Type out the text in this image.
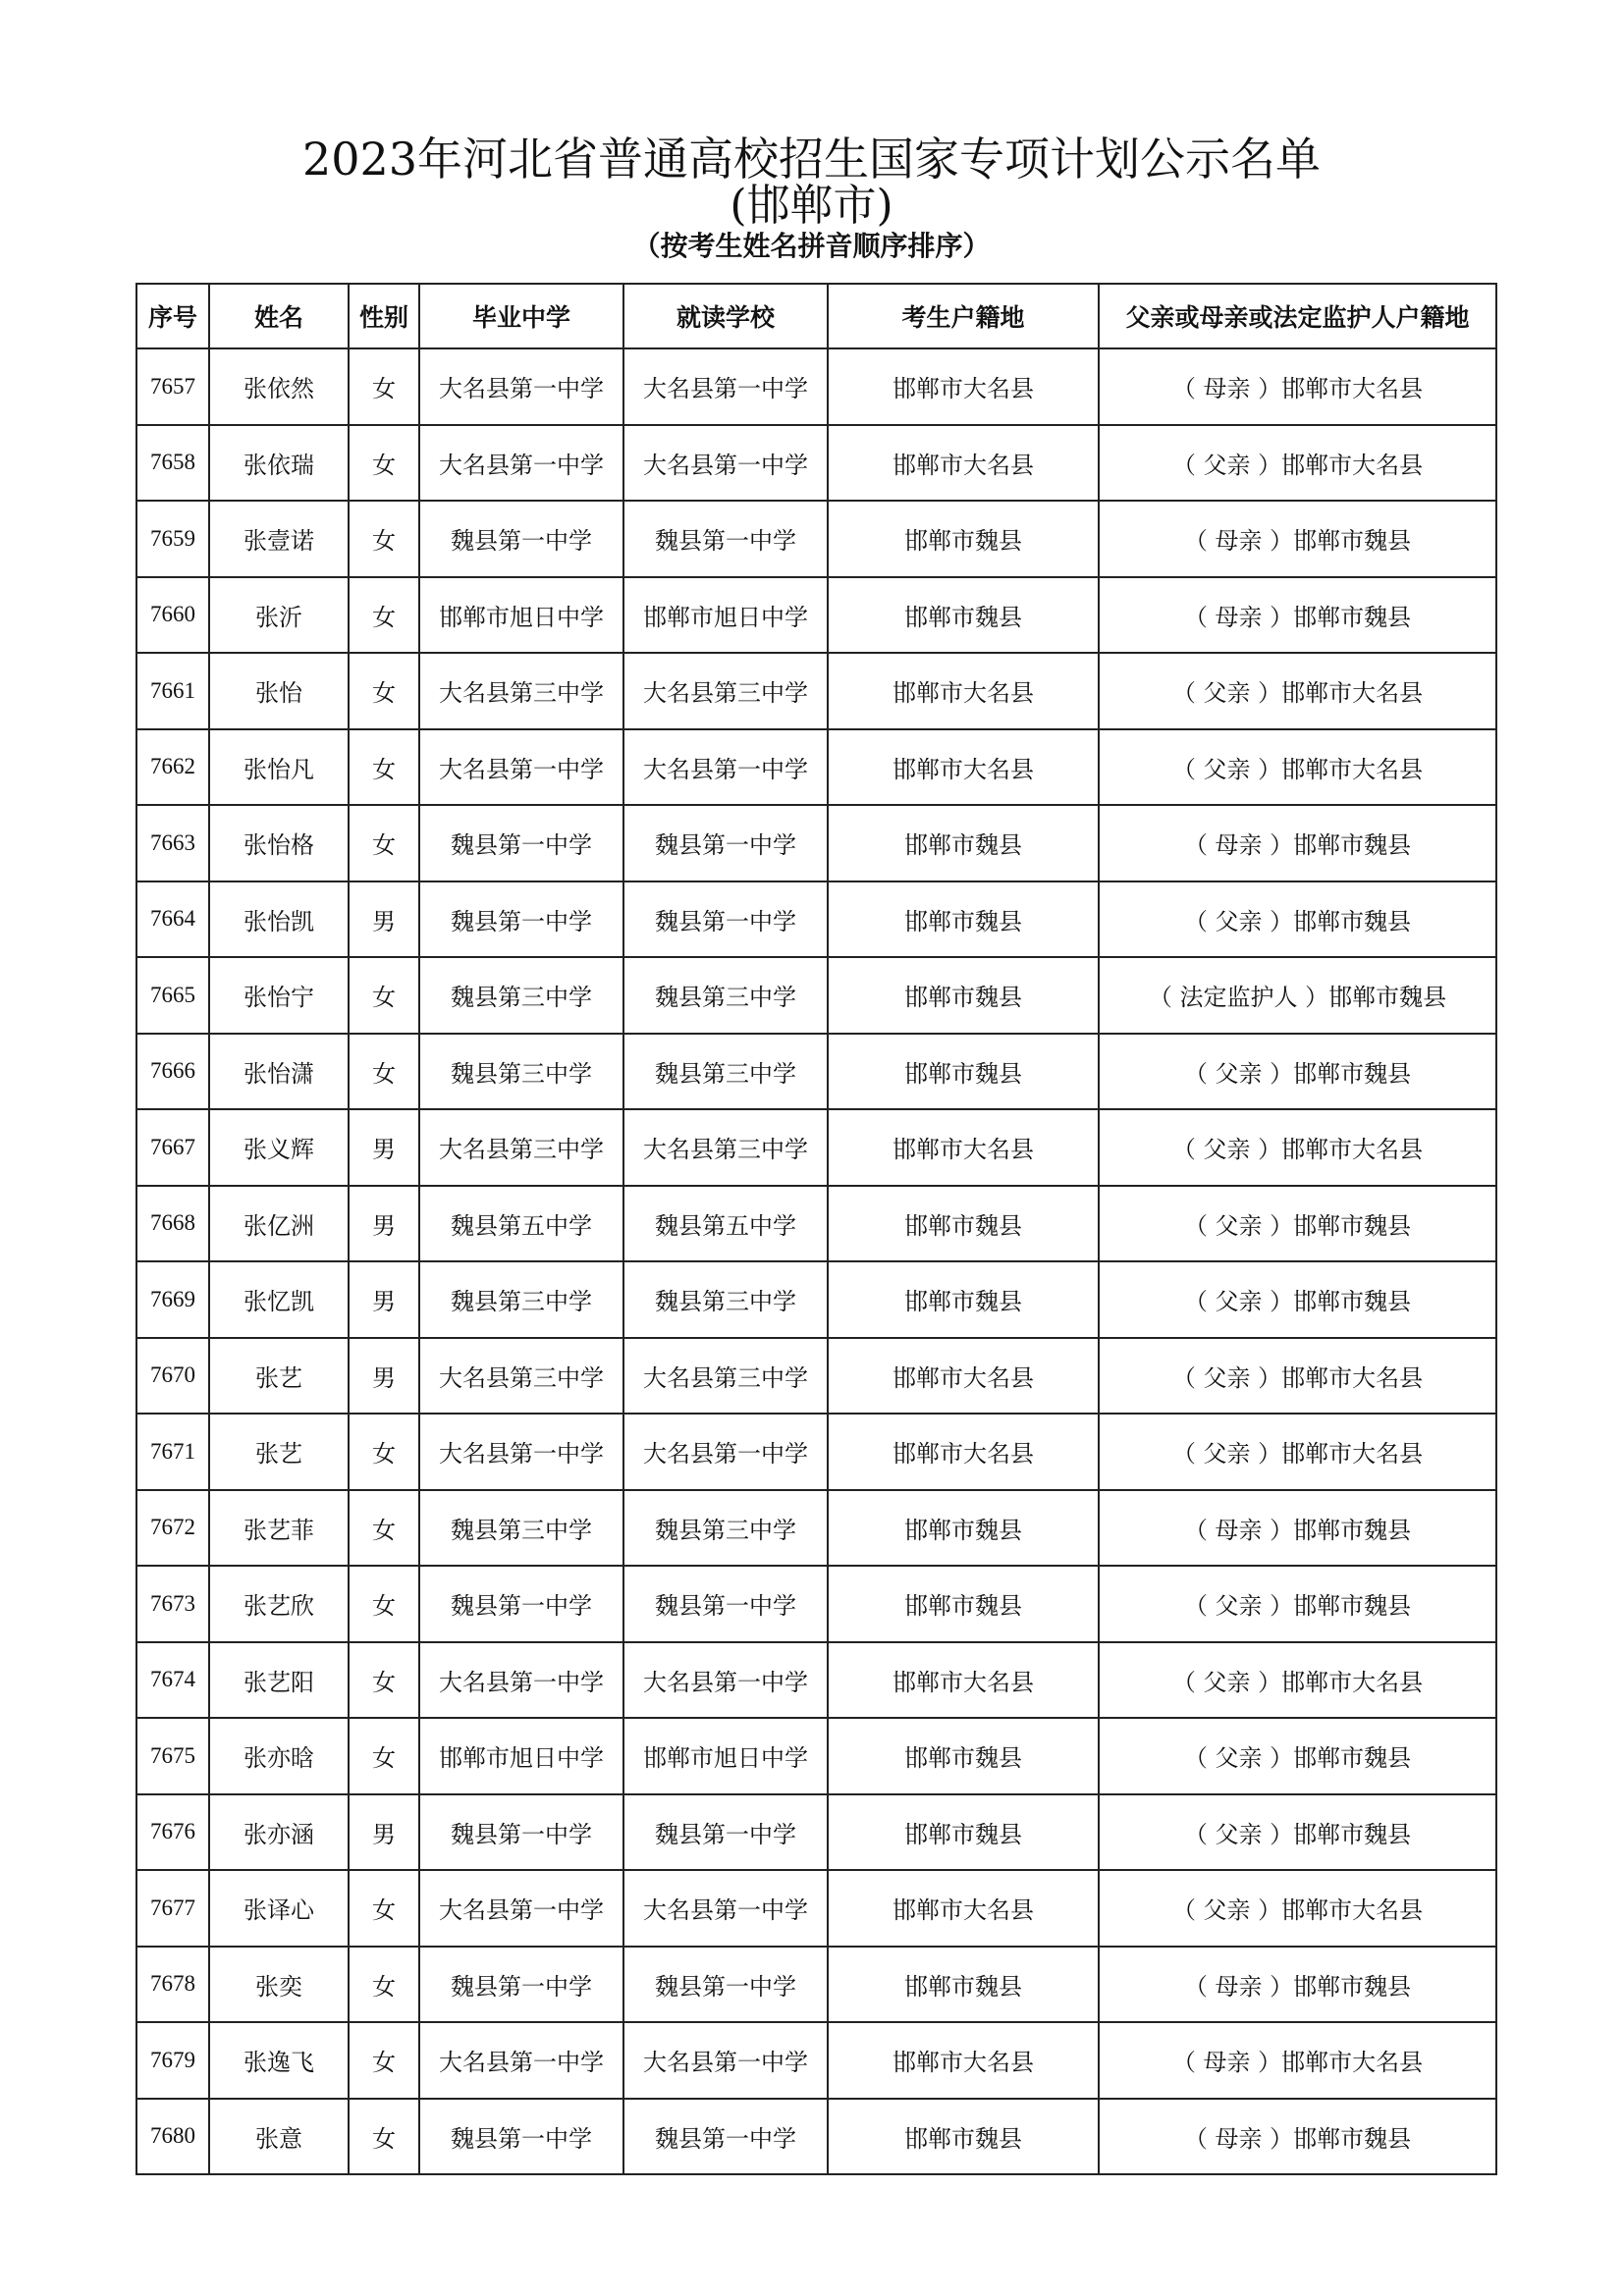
2023年河北省普通高校招生国家专项计划公示名单
(邯郸市)
（按考生姓名拼音顺序排序）
序号	姓名	性别	毕业中学	就读学校	考生户籍地	父亲或母亲或法定监护人户籍地
7657	张依然	女	大名县第一中学	大名县第一中学	邯郸市大名县	（ 母亲 ）邯郸市大名县
7658	张依瑞	女	大名县第一中学	大名县第一中学	邯郸市大名县	（ 父亲 ）邯郸市大名县
7659	张壹诺	女	魏县第一中学	魏县第一中学	邯郸市魏县	（ 母亲 ）邯郸市魏县
7660	张沂	女	邯郸市旭日中学	邯郸市旭日中学	邯郸市魏县	（ 母亲 ）邯郸市魏县
7661	张怡	女	大名县第三中学	大名县第三中学	邯郸市大名县	（ 父亲 ）邯郸市大名县
7662	张怡凡	女	大名县第一中学	大名县第一中学	邯郸市大名县	（ 父亲 ）邯郸市大名县
7663	张怡格	女	魏县第一中学	魏县第一中学	邯郸市魏县	（ 母亲 ）邯郸市魏县
7664	张怡凯	男	魏县第一中学	魏县第一中学	邯郸市魏县	（ 父亲 ）邯郸市魏县
7665	张怡宁	女	魏县第三中学	魏县第三中学	邯郸市魏县	（ 法定监护人 ）邯郸市魏县
7666	张怡潇	女	魏县第三中学	魏县第三中学	邯郸市魏县	（ 父亲 ）邯郸市魏县
7667	张义辉	男	大名县第三中学	大名县第三中学	邯郸市大名县	（ 父亲 ）邯郸市大名县
7668	张亿洲	男	魏县第五中学	魏县第五中学	邯郸市魏县	（ 父亲 ）邯郸市魏县
7669	张忆凯	男	魏县第三中学	魏县第三中学	邯郸市魏县	（ 父亲 ）邯郸市魏县
7670	张艺	男	大名县第三中学	大名县第三中学	邯郸市大名县	（ 父亲 ）邯郸市大名县
7671	张艺	女	大名县第一中学	大名县第一中学	邯郸市大名县	（ 父亲 ）邯郸市大名县
7672	张艺菲	女	魏县第三中学	魏县第三中学	邯郸市魏县	（ 母亲 ）邯郸市魏县
7673	张艺欣	女	魏县第一中学	魏县第一中学	邯郸市魏县	（ 父亲 ）邯郸市魏县
7674	张艺阳	女	大名县第一中学	大名县第一中学	邯郸市大名县	（ 父亲 ）邯郸市大名县
7675	张亦晗	女	邯郸市旭日中学	邯郸市旭日中学	邯郸市魏县	（ 父亲 ）邯郸市魏县
7676	张亦涵	男	魏县第一中学	魏县第一中学	邯郸市魏县	（ 父亲 ）邯郸市魏县
7677	张译心	女	大名县第一中学	大名县第一中学	邯郸市大名县	（ 父亲 ）邯郸市大名县
7678	张奕	女	魏县第一中学	魏县第一中学	邯郸市魏县	（ 母亲 ）邯郸市魏县
7679	张逸飞	女	大名县第一中学	大名县第一中学	邯郸市大名县	（ 母亲 ）邯郸市大名县
7680	张意	女	魏县第一中学	魏县第一中学	邯郸市魏县	（ 母亲 ）邯郸市魏县
